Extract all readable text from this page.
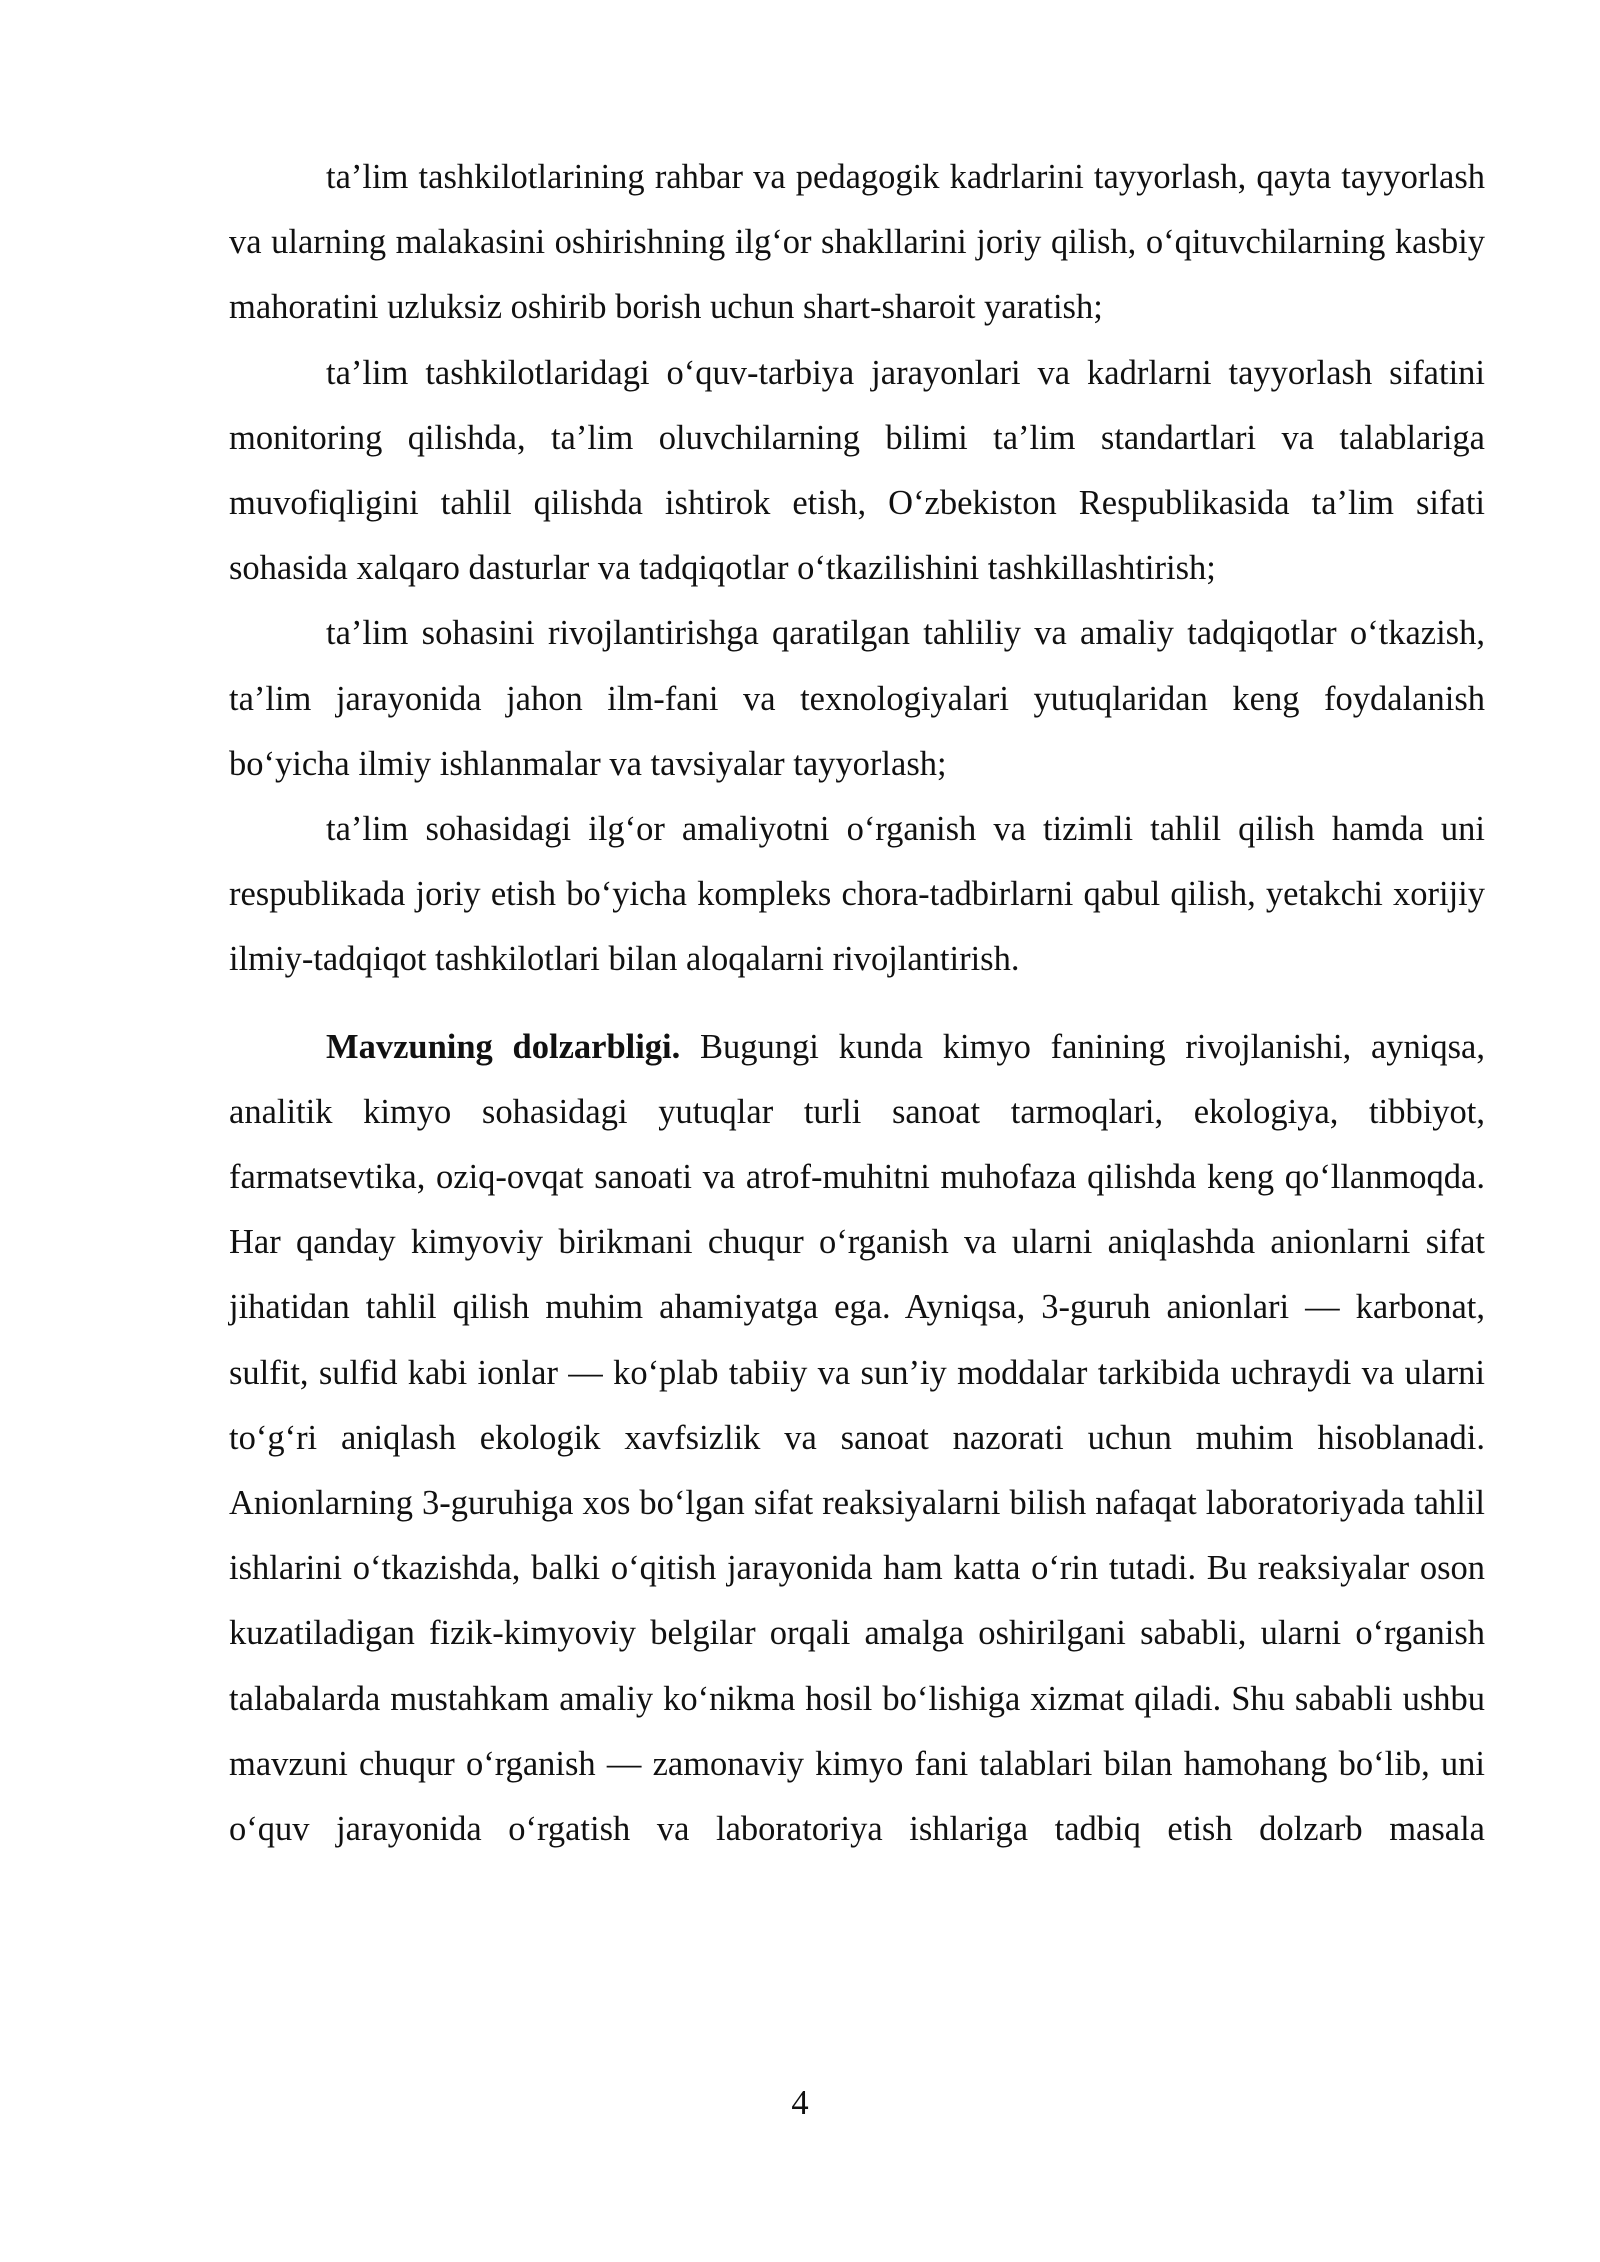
ta’lim tashkilotlarining rahbar va pedagogik kadrlarini tayyorlash, qayta tayyorlash va ularning malakasini oshirishning ilg‘or shakllarini joriy qilish, o‘qituvchilarning kasbiy mahoratini uzluksiz oshirib borish uchun shart-sharoit yaratish;

ta’lim tashkilotlaridagi o‘quv-tarbiya jarayonlari va kadrlarni tayyorlash sifatini monitoring qilishda, ta’lim oluvchilarning bilimi ta’lim standartlari va talablariga muvofiqligini tahlil qilishda ishtirok etish, O‘zbekiston Respublikasida ta’lim sifati sohasida xalqaro dasturlar va tadqiqotlar o‘tkazilishini tashkillashtirish;

ta’lim sohasini rivojlantirishga qaratilgan tahliliy va amaliy tadqiqotlar o‘tkazish, ta’lim jarayonida jahon ilm-fani va texnologiyalari yutuqlaridan keng foydalanish bo‘yicha ilmiy ishlanmalar va tavsiyalar tayyorlash;

ta’lim sohasidagi ilg‘or amaliyotni o‘rganish va tizimli tahlil qilish hamda uni respublikada joriy etish bo‘yicha kompleks chora-tadbirlarni qabul qilish, yetakchi xorijiy ilmiy-tadqiqot tashkilotlari bilan aloqalarni rivojlantirish.

Mavzuning dolzarbligi. Bugungi kunda kimyo fanining rivojlanishi, ayniqsa, analitik kimyo sohasidagi yutuqlar turli sanoat tarmoqlari, ekologiya, tibbiyot, farmatsevtika, oziq-ovqat sanoati va atrof-muhitni muhofaza qilishda keng qo‘llanmoqda. Har qanday kimyoviy birikmani chuqur o‘rganish va ularni aniqlashda anionlarni sifat jihatidan tahlil qilish muhim ahamiyatga ega. Ayniqsa, 3-guruh anionlari — karbonat, sulfit, sulfid kabi ionlar — ko‘plab tabiiy va sun’iy moddalar tarkibida uchraydi va ularni to‘g‘ri aniqlash ekologik xavfsizlik va sanoat nazorati uchun muhim hisoblanadi. Anionlarning 3-guruhiga xos bo‘lgan sifat reaksiyalarni bilish nafaqat laboratoriyada tahlil ishlarini o‘tkazishda, balki o‘qitish jarayonida ham katta o‘rin tutadi. Bu reaksiyalar oson kuzatiladigan fizik-kimyoviy belgilar orqali amalga oshirilgani sababli, ularni o‘rganish talabalarda mustahkam amaliy ko‘nikma hosil bo‘lishiga xizmat qiladi. Shu sababli ushbu mavzuni chuqur o‘rganish — zamonaviy kimyo fani talablari bilan hamohang bo‘lib, uni o‘quv jarayonida o‘rgatish va laboratoriya ishlariga tadbiq etish dolzarb masala

4
